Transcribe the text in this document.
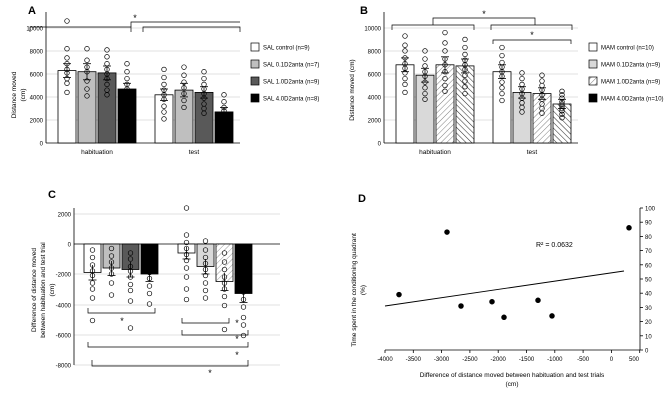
A
Distance moved (cm)
0
2000
4000
6000
8000
10000
*
habituation	test
SAL control (n=9)
SAL 0.1D2anta (n=7)
SAL 1.0D2anta (n=9)
SAL 4.0D2anta (n=8)
B
Distance moved (cm)
0
2000
4000
6000
8000
10000
*
*
habituation	test
MAM control (n=10)
MAM 0.1D2anta (n=9)
MAM 1.0D2anta (n=9)
MAM 4.0D2anta (n=10)
C
Difference of distance moved between habituation and test trial (cm)
2000
0
-2000
-4000
-6000
-8000
*	*
*
*
*
D
Time spent in the conditioning quadrant (%)
0
10
20
30
40
50
60
70
80
90
100
-4000 -3500 -3000 -2500 -2000 -1500 -1000 -500	0	500
R² = 0.0632
Difference of distance moved between habituation and test trials
(cm)
